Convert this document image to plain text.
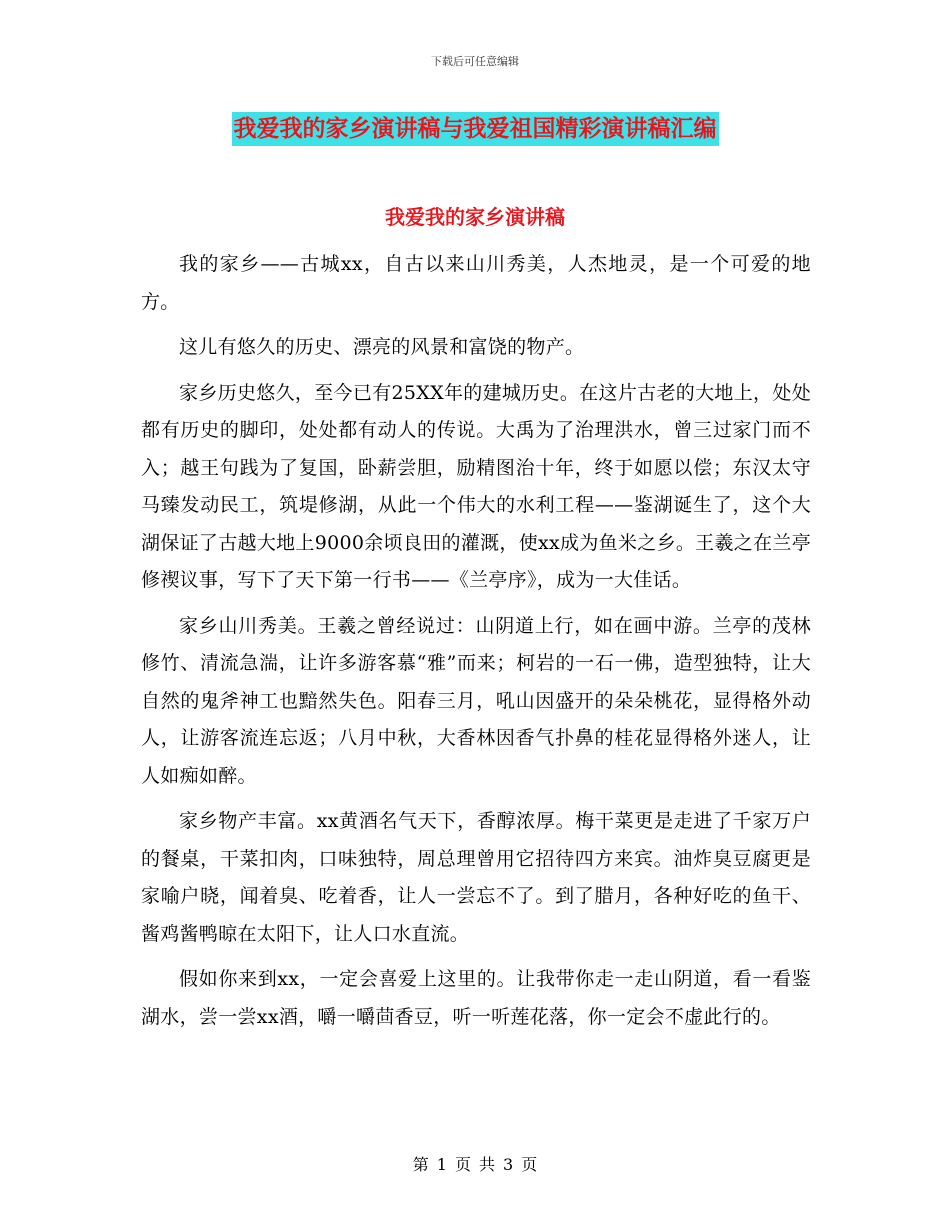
下载后可任意编辑
我爱我的家乡演讲稿与我爱祖国精彩演讲稿汇编
我爱我的家乡演讲稿

我的家乡——古城xx，自古以来山川秀美，人杰地灵，是一个可爱的地方。

这儿有悠久的历史、漂亮的风景和富饶的物产。

家乡历史悠久，至今已有25XX年的建城历史。在这片古老的大地上，处处都有历史的脚印，处处都有动人的传说。大禹为了治理洪水，曾三过家门而不入；越王句践为了复国，卧薪尝胆，励精图治十年，终于如愿以偿；东汉太守马臻发动民工，筑堤修湖，从此一个伟大的水利工程——鉴湖诞生了，这个大湖保证了古越大地上9000余顷良田的灌溉，使xx成为鱼米之乡。王羲之在兰亭修禊议事，写下了天下第一行书——《兰亭序》，成为一大佳话。

家乡山川秀美。王羲之曾经说过：山阴道上行，如在画中游。兰亭的茂林修竹、清流急湍，让许多游客慕“雅”而来；柯岩的一石一佛，造型独特，让大自然的鬼斧神工也黯然失色。阳春三月，吼山因盛开的朵朵桃花，显得格外动人，让游客流连忘返；八月中秋，大香林因香气扑鼻的桂花显得格外迷人，让人如痴如醉。

家乡物产丰富。xx黄酒名气天下，香醇浓厚。梅干菜更是走进了千家万户的餐桌，干菜扣肉，口味独特，周总理曾用它招待四方来宾。油炸臭豆腐更是家喻户晓，闻着臭、吃着香，让人一尝忘不了。到了腊月，各种好吃的鱼干、酱鸡酱鸭晾在太阳下，让人口水直流。

假如你来到xx，一定会喜爱上这里的。让我带你走一走山阴道，看一看鉴湖水，尝一尝xx酒，嚼一嚼茴香豆，听一听莲花落，你一定会不虚此行的。

第 1 页 共 3 页
